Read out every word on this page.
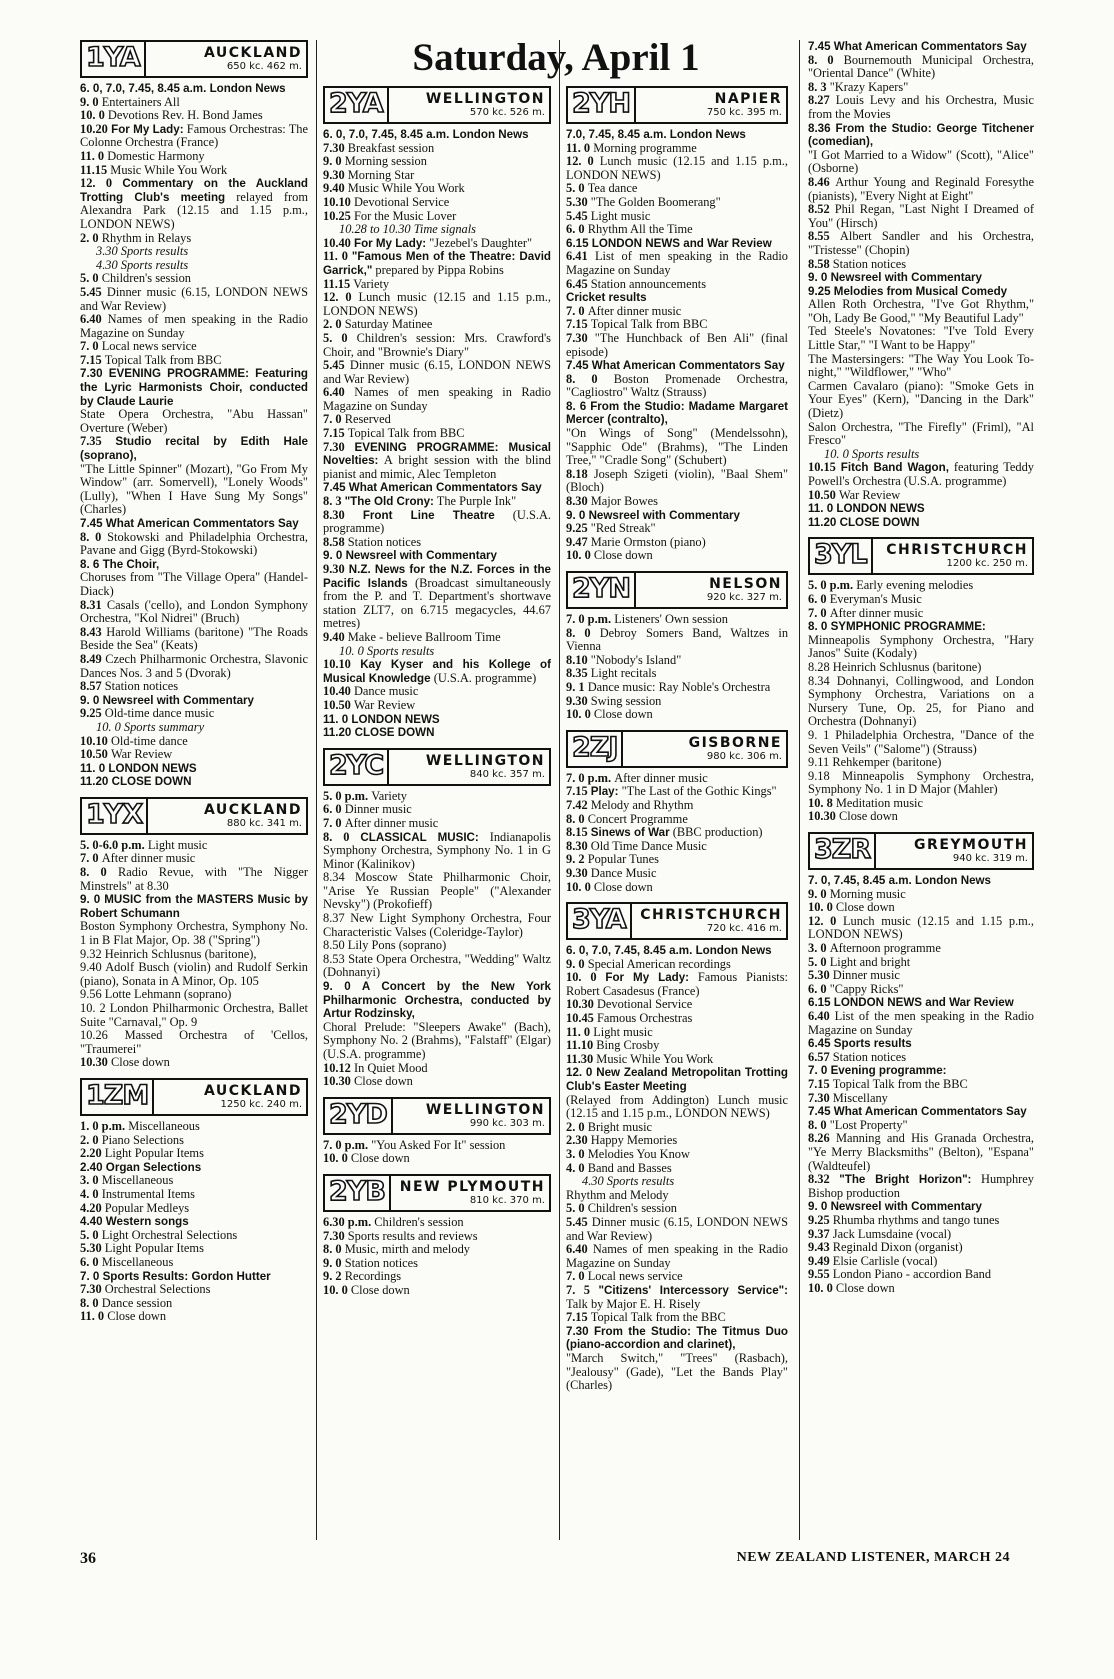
Saturday, April 1
1YA	AUCKLAND
650 kc. 462 m.

6. 0, 7.0, 7.45, 8.45 a.m. London News

9. 0 Entertainers All

10. 0 Devotions Rev. H. Bond James

10.20 For My Lady: Famous Orchestras: The Colonne Orchestra (France)

11. 0 Domestic Harmony

11.15 Music While You Work

12. 0 Commentary on the Auckland Trotting Club's meeting relayed from Alexandra Park (12.15 and 1.15 p.m., LONDON NEWS)

2. 0 Rhythm in Relays

3.30 Sports results

4.30 Sports results

5. 0 Children's session

5.45 Dinner music (6.15, LONDON NEWS and War Review)

6.40 Names of men speaking in the Radio Magazine on Sunday

7. 0 Local news service

7.15 Topical Talk from BBC

7.30 EVENING PROGRAMME: Featuring the Lyric Harmonists Choir, conducted by Claude Laurie

State Opera Orchestra, "Abu Hassan" Overture (Weber)

7.35 Studio recital by Edith Hale (soprano),

"The Little Spinner" (Mozart), "Go From My Window" (arr. Somervell), "Lonely Woods" (Lully), "When I Have Sung My Songs" (Charles)

7.45 What American Commentators Say

8. 0 Stokowski and Philadelphia Orchestra, Pavane and Gigg (Byrd-Stokowski)

8. 6 The Choir,

Choruses from "The Village Opera" (Handel-Diack)

8.31 Casals ('cello), and London Symphony Orchestra, "Kol Nidrei" (Bruch)

8.43 Harold Williams (baritone) "The Roads Beside the Sea" (Keats)

8.49 Czech Philharmonic Orchestra, Slavonic Dances Nos. 3 and 5 (Dvorak)

8.57 Station notices

9. 0 Newsreel with Commentary

9.25 Old-time dance music

10. 0 Sports summary

10.10 Old-time dance

10.50 War Review

11. 0 LONDON NEWS

11.20 CLOSE DOWN

1YX	AUCKLAND
880 kc. 341 m.

5. 0-6.0 p.m. Light music

7. 0 After dinner music

8. 0 Radio Revue, with "The Nigger Minstrels" at 8.30

9. 0 MUSIC from the MASTERS Music by Robert Schumann

Boston Symphony Orchestra, Symphony No. 1 in B Flat Major, Op. 38 ("Spring")

9.32 Heinrich Schlusnus (baritone),

9.40 Adolf Busch (violin) and Rudolf Serkin (piano), Sonata in A Minor, Op. 105

9.56 Lotte Lehmann (soprano)

10. 2 London Philharmonic Orchestra, Ballet Suite "Carnaval," Op. 9

10.26 Massed Orchestra of 'Cellos, "Traumerei"

10.30 Close down

1ZM	AUCKLAND
1250 kc. 240 m.

1. 0 p.m. Miscellaneous

2. 0 Piano Selections

2.20 Light Popular Items

2.40 Organ Selections

3. 0 Miscellaneous

4. 0 Instrumental Items

4.20 Popular Medleys

4.40 Western songs

5. 0 Light Orchestral Selections

5.30 Light Popular Items

6. 0 Miscellaneous

7. 0 Sports Results: Gordon Hutter

7.30 Orchestral Selections

8. 0 Dance session

11. 0 Close down

2YA	WELLINGTON
570 kc. 526 m.

6. 0, 7.0, 7.45, 8.45 a.m. London News

7.30 Breakfast session

9. 0 Morning session

9.30 Morning Star

9.40 Music While You Work

10.10 Devotional Service

10.25 For the Music Lover

10.28 to 10.30 Time signals

10.40 For My Lady: "Jezebel's Daughter"

11. 0 "Famous Men of the Theatre: David Garrick," prepared by Pippa Robins

11.15 Variety

12. 0 Lunch music (12.15 and 1.15 p.m., LONDON NEWS)

2. 0 Saturday Matinee

5. 0 Children's session: Mrs. Crawford's Choir, and "Brownie's Diary"

5.45 Dinner music (6.15, LONDON NEWS and War Review)

6.40 Names of men speaking in Radio Magazine on Sunday

7. 0 Reserved

7.15 Topical Talk from BBC

7.30 EVENING PROGRAMME: Musical Novelties: A bright session with the blind pianist and mimic, Alec Templeton

7.45 What American Commentators Say

8. 3 "The Old Crony: The Purple Ink"

8.30 Front Line Theatre (U.S.A. programme)

8.58 Station notices

9. 0 Newsreel with Commentary

9.30 N.Z. News for the N.Z. Forces in the Pacific Islands (Broadcast simultaneously from the P. and T. Department's shortwave station ZLT7, on 6.715 megacycles, 44.67 metres)

9.40 Make - believe Ballroom Time

10. 0 Sports results

10.10 Kay Kyser and his Kollege of Musical Knowledge (U.S.A. programme)

10.40 Dance music

10.50 War Review

11. 0 LONDON NEWS

11.20 CLOSE DOWN

2YC	WELLINGTON
840 kc. 357 m.

5. 0 p.m. Variety

6. 0 Dinner music

7. 0 After dinner music

8. 0 CLASSICAL MUSIC: Indianapolis Symphony Orchestra, Symphony No. 1 in G Minor (Kalinikov)

8.34 Moscow State Philharmonic Choir, "Arise Ye Russian People" ("Alexander Nevsky") (Prokofieff)

8.37 New Light Symphony Orchestra, Four Characteristic Valses (Coleridge-Taylor)

8.50 Lily Pons (soprano)

8.53 State Opera Orchestra, "Wedding" Waltz (Dohnanyi)

9. 0 A Concert by the New York Philharmonic Orchestra, conducted by Artur Rodzinsky,

Choral Prelude: "Sleepers Awake" (Bach), Symphony No. 2 (Brahms), "Falstaff" (Elgar) (U.S.A. programme)

10.12 In Quiet Mood

10.30 Close down

2YD	WELLINGTON
990 kc. 303 m.

7. 0 p.m. "You Asked For It" session

10. 0 Close down

2YB	NEW PLYMOUTH
810 kc. 370 m.

6.30 p.m. Children's session

7.30 Sports results and reviews

8. 0 Music, mirth and melody

9. 0 Station notices

9. 2 Recordings

10. 0 Close down

2YH	NAPIER
750 kc. 395 m.

7.0, 7.45, 8.45 a.m. London News

11. 0 Morning programme

12. 0 Lunch music (12.15 and 1.15 p.m., LONDON NEWS)

5. 0 Tea dance

5.30 "The Golden Boomerang"

5.45 Light music

6. 0 Rhythm All the Time

6.15 LONDON NEWS and War Review

6.41 List of men speaking in the Radio Magazine on Sunday

6.45 Station announcements

Cricket results

7. 0 After dinner music

7.15 Topical Talk from BBC

7.30 "The Hunchback of Ben Ali" (final episode)

7.45 What American Commentators Say

8. 0 Boston Promenade Orchestra, "Cagliostro" Waltz (Strauss)

8. 6 From the Studio: Madame Margaret Mercer (contralto),

"On Wings of Song" (Mendelssohn), "Sapphic Ode" (Brahms), "The Linden Tree," "Cradle Song" (Schubert)

8.18 Joseph Szigeti (violin), "Baal Shem" (Bloch)

8.30 Major Bowes

9. 0 Newsreel with Commentary

9.25 "Red Streak"

9.47 Marie Ormston (piano)

10. 0 Close down

2YN	NELSON
920 kc. 327 m.

7. 0 p.m. Listeners' Own session

8. 0 Debroy Somers Band, Waltzes in Vienna

8.10 "Nobody's Island"

8.35 Light recitals

9. 1 Dance music: Ray Noble's Orchestra

9.30 Swing session

10. 0 Close down

2ZJ	GISBORNE
980 kc. 306 m.

7. 0 p.m. After dinner music

7.15 Play: "The Last of the Gothic Kings"

7.42 Melody and Rhythm

8. 0 Concert Programme

8.15 Sinews of War (BBC production)

8.30 Old Time Dance Music

9. 2 Popular Tunes

9.30 Dance Music

10. 0 Close down

3YA	CHRISTCHURCH
720 kc. 416 m.

6. 0, 7.0, 7.45, 8.45 a.m. London News

9. 0 Special American recordings

10. 0 For My Lady: Famous Pianists: Robert Casadesus (France)

10.30 Devotional Service

10.45 Famous Orchestras

11. 0 Light music

11.10 Bing Crosby

11.30 Music While You Work

12. 0 New Zealand Metropolitan Trotting Club's Easter Meeting

(Relayed from Addington) Lunch music (12.15 and 1.15 p.m., LONDON NEWS)

2. 0 Bright music

2.30 Happy Memories

3. 0 Melodies You Know

4. 0 Band and Basses

4.30 Sports results

Rhythm and Melody

5. 0 Children's session

5.45 Dinner music (6.15, LONDON NEWS and War Review)

6.40 Names of men speaking in the Radio Magazine on Sunday

7. 0 Local news service

7. 5 "Citizens' Intercessory Service": Talk by Major E. H. Risely

7.15 Topical Talk from the BBC

7.30 From the Studio: The Titmus Duo (piano-accordion and clarinet),

"March Switch," "Trees" (Rasbach), "Jealousy" (Gade), "Let the Bands Play" (Charles)

7.45 What American Commentators Say

8. 0 Bournemouth Municipal Orchestra, "Oriental Dance" (White)

8. 3 "Krazy Kapers"

8.27 Louis Levy and his Orchestra, Music from the Movies

8.36 From the Studio: George Titchener (comedian),

"I Got Married to a Widow" (Scott), "Alice" (Osborne)

8.46 Arthur Young and Reginald Foresythe (pianists), "Every Night at Eight"

8.52 Phil Regan, "Last Night I Dreamed of You" (Hirsch)

8.55 Albert Sandler and his Orchestra, "Tristesse" (Chopin)

8.58 Station notices

9. 0 Newsreel with Commentary

9.25 Melodies from Musical Comedy

Allen Roth Orchestra, "I've Got Rhythm," "Oh, Lady Be Good," "My Beautiful Lady"

Ted Steele's Novatones: "I've Told Every Little Star," "I Want to be Happy"

The Mastersingers: "The Way You Look To-night," "Wildflower," "Who"

Carmen Cavalaro (piano): "Smoke Gets in Your Eyes" (Kern), "Dancing in the Dark" (Dietz)

Salon Orchestra, "The Firefly" (Friml), "Al Fresco"

10. 0 Sports results

10.15 Fitch Band Wagon, featuring Teddy Powell's Orchestra (U.S.A. programme)

10.50 War Review

11. 0 LONDON NEWS

11.20 CLOSE DOWN

3YL	CHRISTCHURCH
1200 kc. 250 m.

5. 0 p.m. Early evening melodies

6. 0 Everyman's Music

7. 0 After dinner music

8. 0 SYMPHONIC PROGRAMME:

Minneapolis Symphony Orchestra, "Hary Janos" Suite (Kodaly)

8.28 Heinrich Schlusnus (baritone)

8.34 Dohnanyi, Collingwood, and London Symphony Orchestra, Variations on a Nursery Tune, Op. 25, for Piano and Orchestra (Dohnanyi)

9. 1 Philadelphia Orchestra, "Dance of the Seven Veils" ("Salome") (Strauss)

9.11 Rehkemper (baritone)

9.18 Minneapolis Symphony Orchestra, Symphony No. 1 in D Major (Mahler)

10. 8 Meditation music

10.30 Close down

3ZR	GREYMOUTH
940 kc. 319 m.

7. 0, 7.45, 8.45 a.m. London News

9. 0 Morning music

10. 0 Close down

12. 0 Lunch music (12.15 and 1.15 p.m., LONDON NEWS)

3. 0 Afternoon programme

5. 0 Light and bright

5.30 Dinner music

6. 0 "Cappy Ricks"

6.15 LONDON NEWS and War Review

6.40 List of the men speaking in the Radio Magazine on Sunday

6.45 Sports results

6.57 Station notices

7. 0 Evening programme:

7.15 Topical Talk from the BBC

7.30 Miscellany

7.45 What American Commentators Say

8. 0 "Lost Property"

8.26 Manning and His Granada Orchestra, "Ye Merry Blacksmiths" (Belton), "Espana" (Waldteufel)

8.32 "The Bright Horizon": Humphrey Bishop production

9. 0 Newsreel with Commentary

9.25 Rhumba rhythms and tango tunes

9.37 Jack Lumsdaine (vocal)

9.43 Reginald Dixon (organist)

9.49 Elsie Carlisle (vocal)

9.55 London Piano - accordion Band

10. 0 Close down

36	NEW ZEALAND LISTENER, MARCH 24
